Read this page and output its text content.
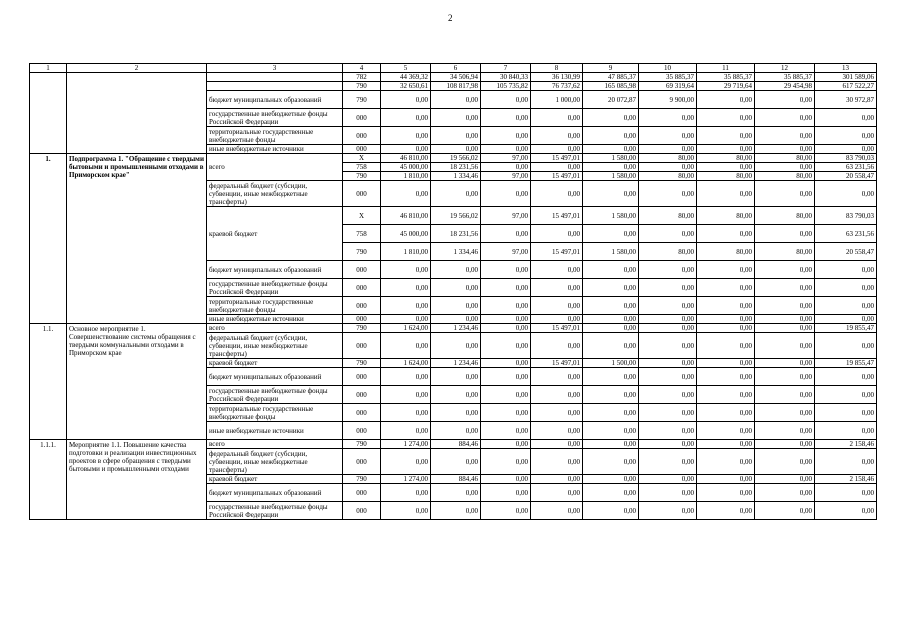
2
1	2	3	4	5	6	7	8	9	10	11	12	13
			782	44 369,32	34 506,94	30 840,33	36 130,99	47 885,37	35 885,37	35 885,37	35 885,37	301 589,06
			790	32 650,61	108 817,98	105 735,82	76 737,62	165 085,98	69 319,64	29 719,64	29 454,98	617 522,27
		бюджет муниципальных образований	790	0,00	0,00	0,00	1 000,00	20 072,87	9 900,00	0,00	0,00	30 972,87
		государственные внебюджетные фонды Российской Федерации	000	0,00	0,00	0,00	0,00	0,00	0,00	0,00	0,00	0,00
		территориальные государственные внебюджетные фонды	000	0,00	0,00	0,00	0,00	0,00	0,00	0,00	0,00	0,00
		иные внебюджетные источники	000	0,00	0,00	0,00	0,00	0,00	0,00	0,00	0,00	0,00
1.	Подпрограмма 1. "Обращение с твердыми бытовыми и промышленными отходами в Приморском крае"	всего	X	46 810,00	19 566,02	97,00	15 497,01	1 580,00	80,00	80,00	80,00	83 790,03
			758	45 000,00	18 231,56	0,00	0,00	0,00	0,00	0,00	0,00	63 231,56
			790	1 810,00	1 334,46	97,00	15 497,01	1 580,00	80,00	80,00	80,00	20 558,47
		федеральный бюджет (субсидии, субвенции, иные межбюджетные трансферты)	000	0,00	0,00	0,00	0,00	0,00	0,00	0,00	0,00	0,00
		краевой бюджет	X	46 810,00	19 566,02	97,00	15 497,01	1 580,00	80,00	80,00	80,00	83 790,03
			758	45 000,00	18 231,56	0,00	0,00	0,00	0,00	0,00	0,00	63 231,56
			790	1 810,00	1 334,46	97,00	15 497,01	1 580,00	80,00	80,00	80,00	20 558,47
		бюджет муниципальных образований	000	0,00	0,00	0,00	0,00	0,00	0,00	0,00	0,00	0,00
		государственные внебюджетные фонды Российской Федерации	000	0,00	0,00	0,00	0,00	0,00	0,00	0,00	0,00	0,00
		территориальные государственные внебюджетные фонды	000	0,00	0,00	0,00	0,00	0,00	0,00	0,00	0,00	0,00
		иные внебюджетные источники	000	0,00	0,00	0,00	0,00	0,00	0,00	0,00	0,00	0,00
1.1.	Основное мероприятие 1. Совершенствование системы обращения с твердыми коммунальными отходами в Приморском крае	всего	790	1 624,00	1 234,46	0,00	15 497,01	0,00	0,00	0,00	0,00	19 855,47
		федеральный бюджет (субсидии, субвенции, иные межбюджетные трансферты)	000	0,00	0,00	0,00	0,00	0,00	0,00	0,00	0,00	0,00
		краевой бюджет	790	1 624,00	1 234,46	0,00	15 497,01	1 500,00	0,00	0,00	0,00	19 855,47
		бюджет муниципальных образований	000	0,00	0,00	0,00	0,00	0,00	0,00	0,00	0,00	0,00
		государственные внебюджетные фонды Российской Федерации	000	0,00	0,00	0,00	0,00	0,00	0,00	0,00	0,00	0,00
		территориальные государственные внебюджетные фонды	000	0,00	0,00	0,00	0,00	0,00	0,00	0,00	0,00	0,00
		иные внебюджетные источники	000	0,00	0,00	0,00	0,00	0,00	0,00	0,00	0,00	0,00
1.1.1.	Мероприятие 1.1. Повышение качества подготовки и реализации инвестиционных проектов в сфере обращения с твердыми бытовыми и промышленными отходами	всего	790	1 274,00	884,46	0,00	0,00	0,00	0,00	0,00	0,00	2 158,46
		федеральный бюджет (субсидии, субвенции, иные межбюджетные трансферты)	000	0,00	0,00	0,00	0,00	0,00	0,00	0,00	0,00	0,00
		краевой бюджет	790	1 274,00	884,46	0,00	0,00	0,00	0,00	0,00	0,00	2 158,46
		бюджет муниципальных образований	000	0,00	0,00	0,00	0,00	0,00	0,00	0,00	0,00	0,00
		государственные внебюджетные фонды Российской Федерации	000	0,00	0,00	0,00	0,00	0,00	0,00	0,00	0,00	0,00
